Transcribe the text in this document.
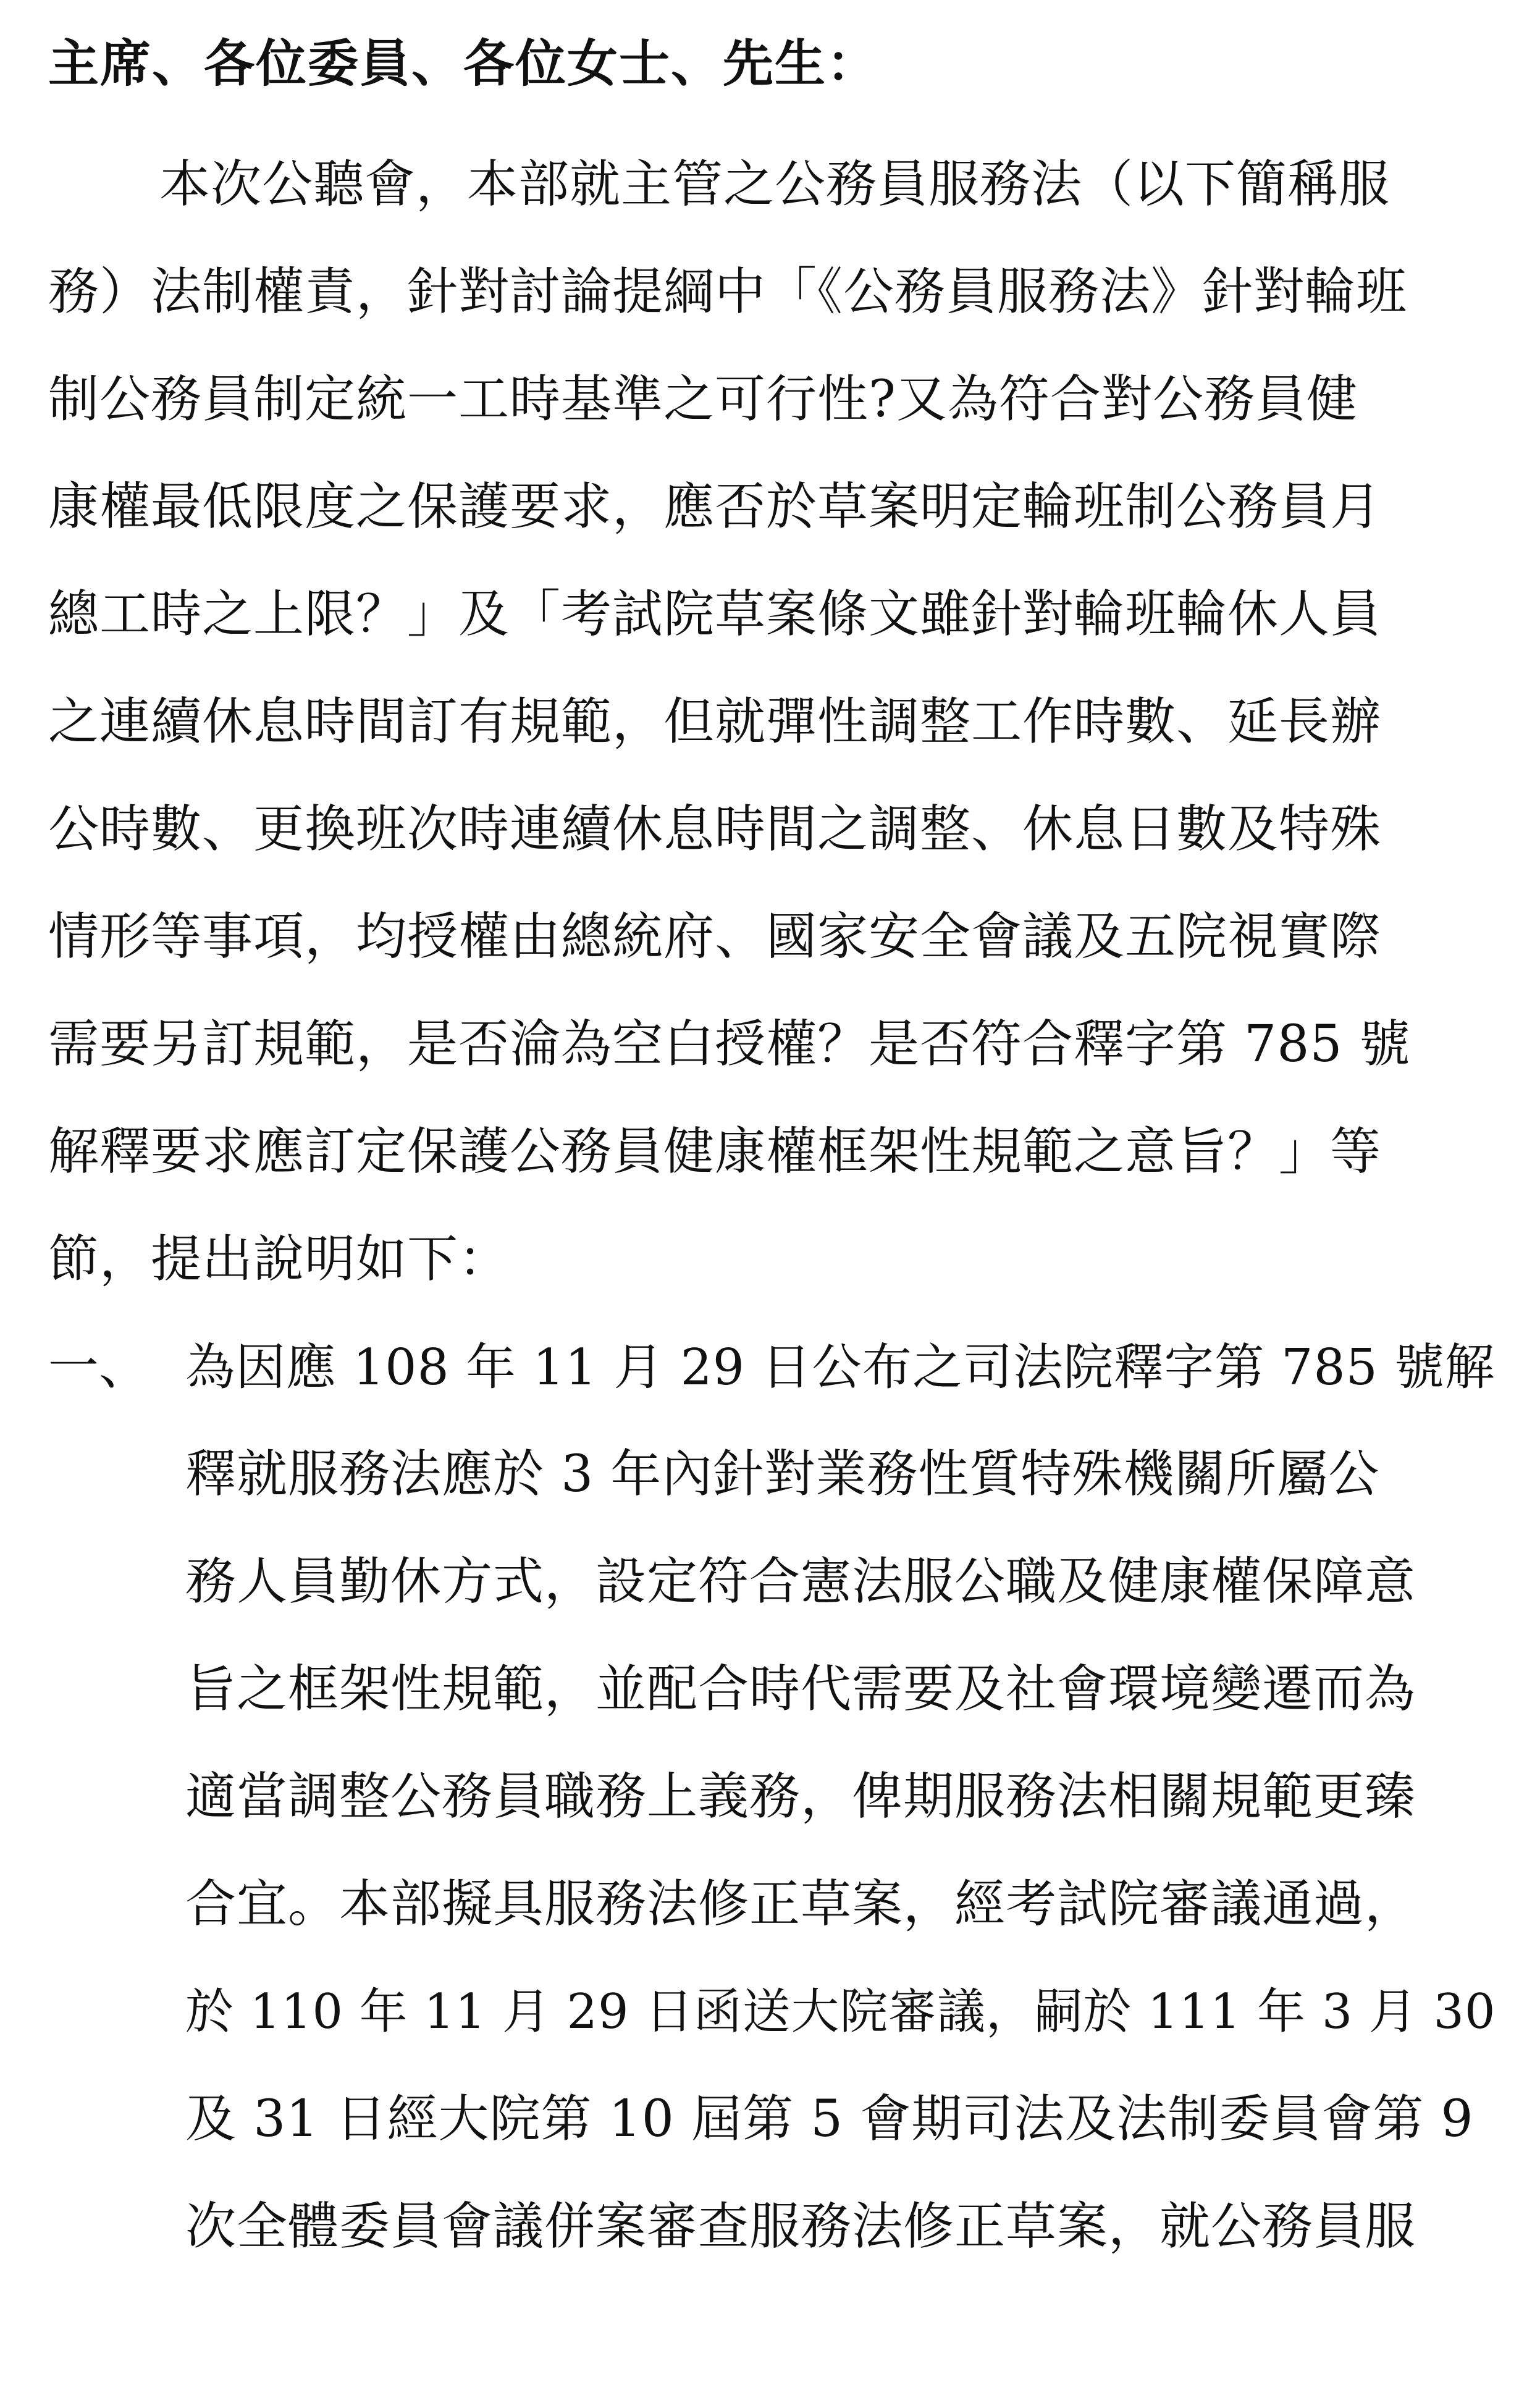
主席、各位委員、各位女士、先生：
本次公聽會，本部就主管之公務員服務法（以下簡稱服
務）法制權責，針對討論提綱中「《公務員服務法》針對輪班
制公務員制定統一工時基準之可行性?又為符合對公務員健
康權最低限度之保護要求，應否於草案明定輪班制公務員月
總工時之上限？」及「考試院草案條文雖針對輪班輪休人員
之連續休息時間訂有規範，但就彈性調整工作時數、延長辦
公時數、更換班次時連續休息時間之調整、休息日數及特殊
情形等事項，均授權由總統府、國家安全會議及五院視實際
需要另訂規範，是否淪為空白授權？是否符合釋字第 785 號
解釋要求應訂定保護公務員健康權框架性規範之意旨？」等
節，提出說明如下：
一、 為因應 108 年 11 月 29 日公布之司法院釋字第 785 號解
釋就服務法應於 3 年內針對業務性質特殊機關所屬公
務人員勤休方式，設定符合憲法服公職及健康權保障意
旨之框架性規範，並配合時代需要及社會環境變遷而為
適當調整公務員職務上義務，俾期服務法相關規範更臻
合宜。本部擬具服務法修正草案，經考試院審議通過，
於 110 年 11 月 29 日函送大院審議，嗣於 111 年 3 月 30
及 31 日經大院第 10 屆第 5 會期司法及法制委員會第 9
次全體委員會議併案審查服務法修正草案，就公務員服
